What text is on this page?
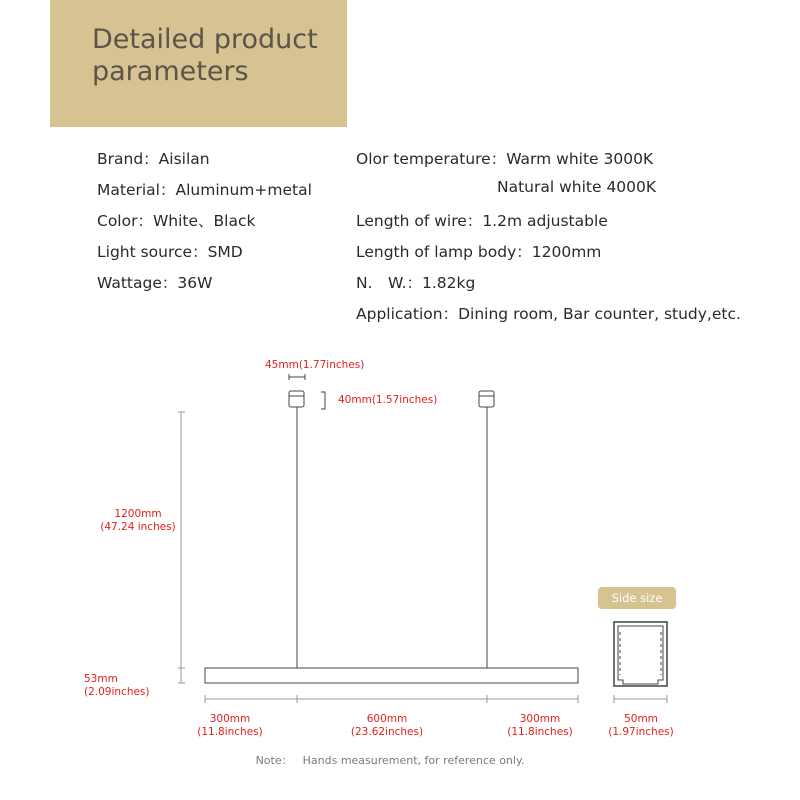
Detailed product parameters
Brand：Aisilan
Material：Aluminum+metal
Color：White、Black
Light source：SMD
Wattage：36W
Olor temperature：Warm white 3000K
Natural white 4000K
Length of wire：1.2m adjustable
Length of lamp body：1200mm
N.　W.：1.82kg
Application：Dining room, Bar counter, study,etc.
45mm(1.77inches)
40mm(1.57inches)
1200mm
(47.24 inches)
53mm
(2.09inches)
300mm
(11.8inches)
600mm
(23.62inches)
300mm
(11.8inches)
50mm
(1.97inches)
Side size
Note： Hands measurement, for reference only.
